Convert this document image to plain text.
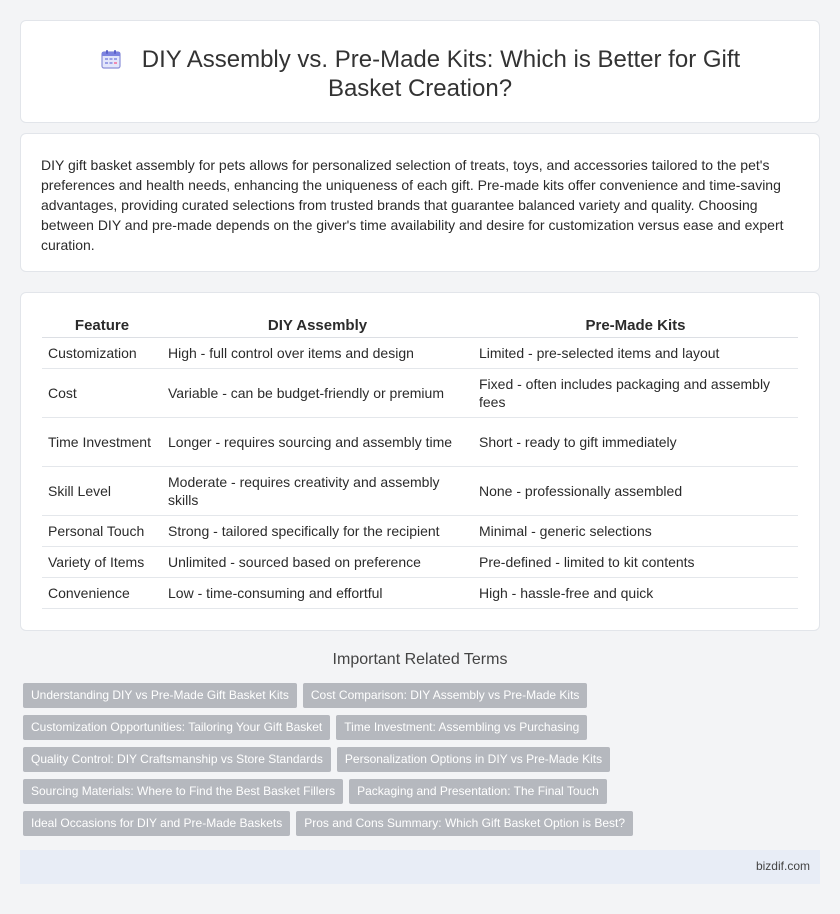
DIY Assembly vs. Pre-Made Kits: Which is Better for Gift Basket Creation?

DIY gift basket assembly for pets allows for personalized selection of treats, toys, and accessories tailored to the pet's preferences and health needs, enhancing the uniqueness of each gift. Pre-made kits offer convenience and time-saving advantages, providing curated selections from trusted brands that guarantee balanced variety and quality. Choosing between DIY and pre-made depends on the giver's time availability and desire for customization versus ease and expert curation.

Feature	DIY Assembly	Pre-Made Kits
Customization	High - full control over items and design	Limited - pre-selected items and layout
Cost	Variable - can be budget-friendly or premium	Fixed - often includes packaging and assembly fees
Time Investment	Longer - requires sourcing and assembly time	Short - ready to gift immediately
Skill Level	Moderate - requires creativity and assembly skills	None - professionally assembled
Personal Touch	Strong - tailored specifically for the recipient	Minimal - generic selections
Variety of Items	Unlimited - sourced based on preference	Pre-defined - limited to kit contents
Convenience	Low - time-consuming and effortful	High - hassle-free and quick
Important Related Terms
Understanding DIY vs Pre-Made Gift Basket Kits Cost Comparison: DIY Assembly vs Pre-Made Kits
Customization Opportunities: Tailoring Your Gift Basket Time Investment: Assembling vs Purchasing
Quality Control: DIY Craftsmanship vs Store Standards Personalization Options in DIY vs Pre-Made Kits
Sourcing Materials: Where to Find the Best Basket Fillers Packaging and Presentation: The Final Touch
Ideal Occasions for DIY and Pre-Made Baskets Pros and Cons Summary: Which Gift Basket Option is Best?
bizdif.com
